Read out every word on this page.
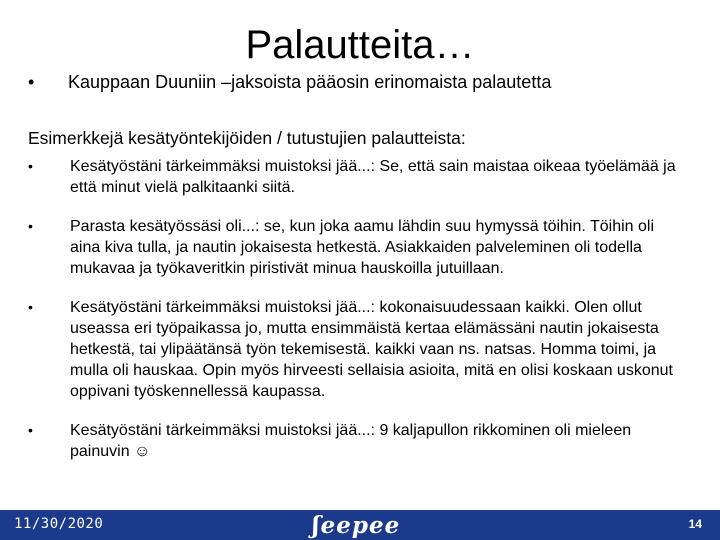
Palautteita…
•	Kauppaan Duuniin –jaksoista pääosin erinomaista palautetta
Esimerkkejä kesätyöntekijöiden / tutustujien palautteista:
•	Kesätyöstäni tärkeimmäksi muistoksi jää...: Se, että sain maistaa oikeaa työelämää ja että minut vielä palkitaanki siitä.
•	Parasta kesätyössäsi oli...: se, kun joka aamu lähdin suu hymyssä töihin. Töihin oli aina kiva tulla, ja nautin jokaisesta hetkestä. Asiakkaiden palveleminen oli todella mukavaa ja työkaveritkin piristivät minua hauskoilla jutuillaan.
•	Kesätyöstäni tärkeimmäksi muistoksi jää...: kokonaisuudessaan kaikki. Olen ollut useassa eri työpaikassa jo, mutta ensimmäistä kertaa elämässäni nautin jokaisesta hetkestä, tai ylipäätänsä työn tekemisestä. kaikki vaan ns. natsas. Homma toimi, ja mulla oli hauskaa. Opin myös hirveesti sellaisia asioita, mitä en olisi koskaan uskonut oppivani työskennellessä kaupassa.
•	Kesätyöstäni tärkeimmäksi muistoksi jää...: 9 kaljapullon rikkominen oli mieleen painuvin ☺
11/30/2020	ʃeepee	14
